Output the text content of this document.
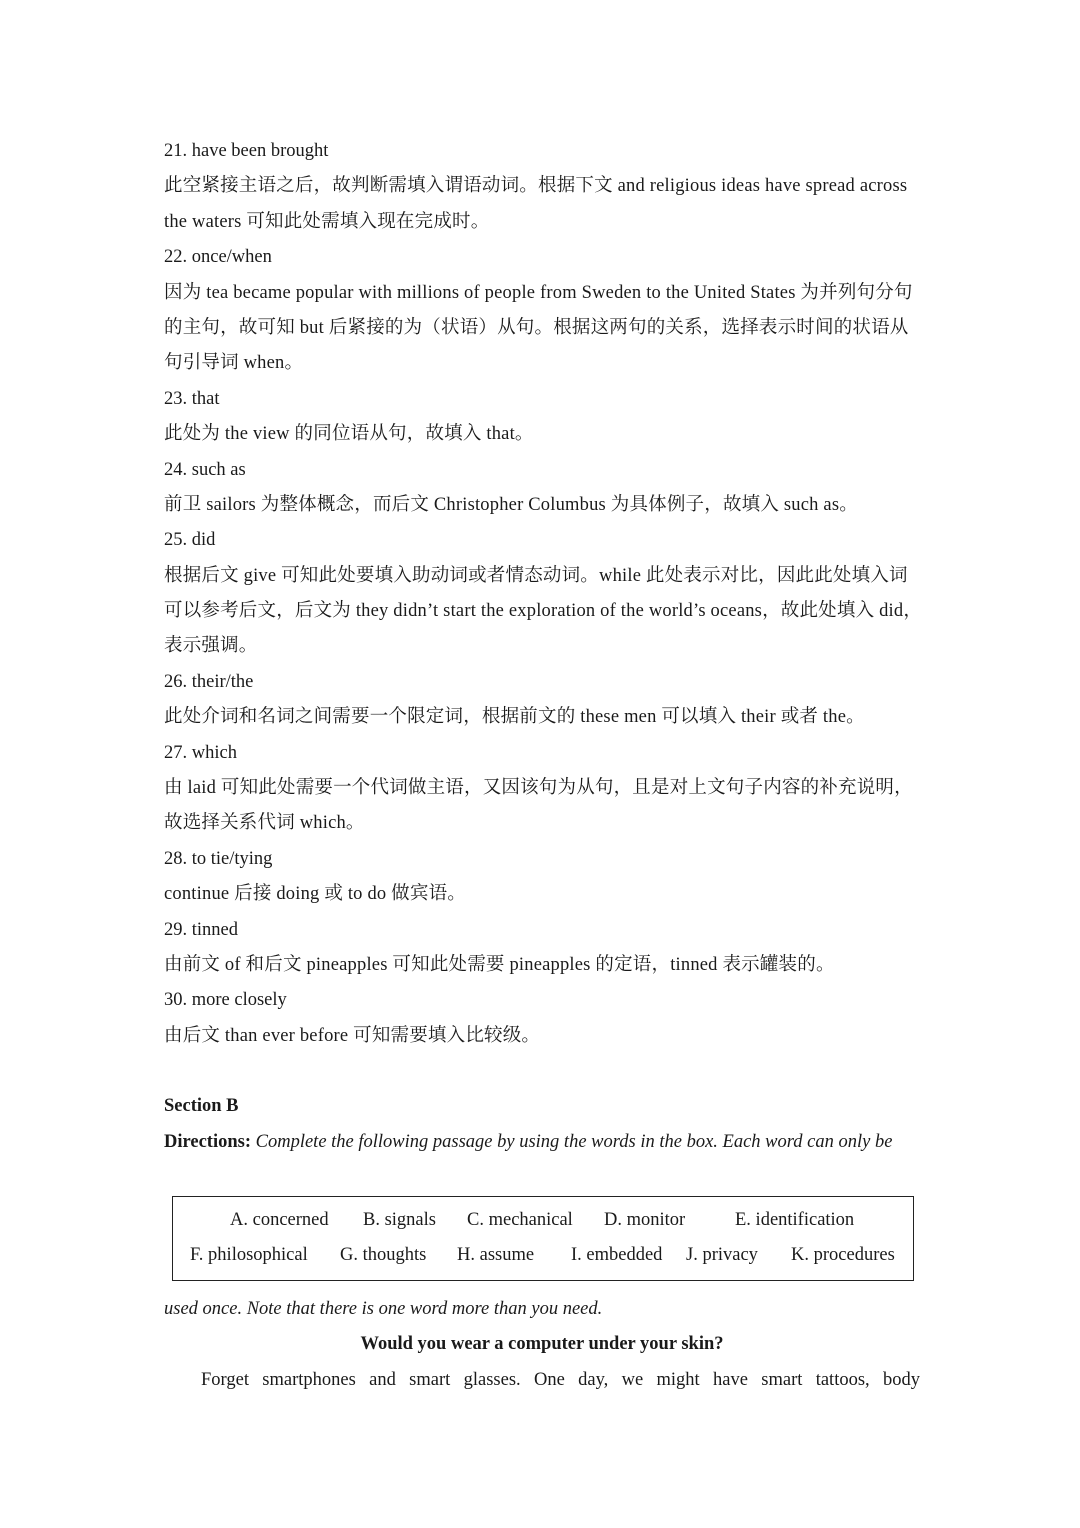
21. have been brought
此空紧接主语之后，故判断需填入谓语动词。根据下文 and religious ideas have spread across
the waters 可知此处需填入现在完成时。
22. once/when
因为 tea became popular with millions of people from Sweden to the United States 为并列句分句
的主句，故可知 but 后紧接的为（状语）从句。根据这两句的关系，选择表示时间的状语从
句引导词 when。
23. that
此处为 the view 的同位语从句，故填入 that。
24. such as
前卫 sailors 为整体概念，而后文 Christopher Columbus 为具体例子，故填入 such as。
25. did
根据后文 give 可知此处要填入助动词或者情态动词。while 此处表示对比，因此此处填入词
可以参考后文，后文为 they didn’t start the exploration of the world’s oceans，故此处填入 did，
表示强调。
26. their/the
此处介词和名词之间需要一个限定词，根据前文的 these men 可以填入 their 或者 the。
27. which
由 laid 可知此处需要一个代词做主语，又因该句为从句，且是对上文句子内容的补充说明，
故选择关系代词 which。
28. to tie/tying
continue 后接 doing 或 to do 做宾语。
29. tinned
由前文 of 和后文 pineapples 可知此处需要 pineapples 的定语，tinned 表示罐装的。
30. more closely
由后文 than ever before 可知需要填入比较级。
Section B
Directions: Complete the following passage by using the words in the box. Each word can only be
A. concerned B. signals C. mechanical D. monitor	E. identification
F. philosophical G. thoughts H. assume I. embedded J. privacy K. procedures
used once. Note that there is one word more than you need.
Would you wear a computer under your skin?
Forget smartphones and smart glasses. One day, we might have smart tattoos, body
